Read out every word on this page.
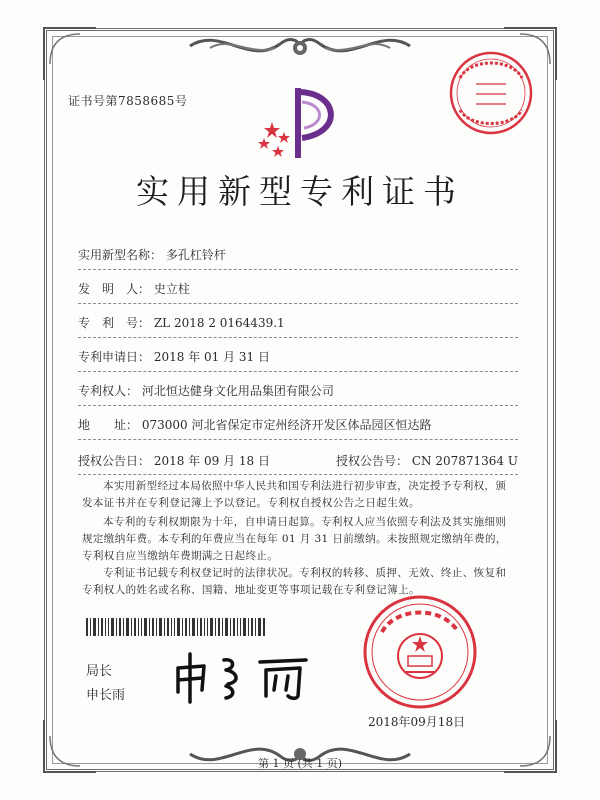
证书号第7858685号
实用新型专利证书
实用新型名称： 多孔杠铃杆
发　明　人： 史立柱
专　利　号： ZL 2018 2 0164439.1
专利申请日： 2018 年 01 月 31 日
专利权人： 河北恒达健身文化用品集团有限公司
地　　址： 073000 河北省保定市定州经济开发区体品园区恒达路
授权公告日： 2018 年 09 月 18 日	授权公告号： CN 207871364 U
本实用新型经过本局依照中华人民共和国专利法进行初步审查，决定授予专利权，颁发本证书并在专利登记簿上予以登记。专利权自授权公告之日起生效。
本专利的专利权期限为十年，自申请日起算。专利权人应当依照专利法及其实施细则规定缴纳年费。本专利的年费应当在每年 01 月 31 日前缴纳。未按照规定缴纳年费的，专利权自应当缴纳年费期满之日起终止。
专利证书记载专利权登记时的法律状况。专利权的转移、质押、无效、终止、恢复和专利权人的姓名或名称、国籍、地址变更等事项记载在专利登记簿上。
局长
申长雨
2018年09月18日
第 1 页 (共 1 页)
